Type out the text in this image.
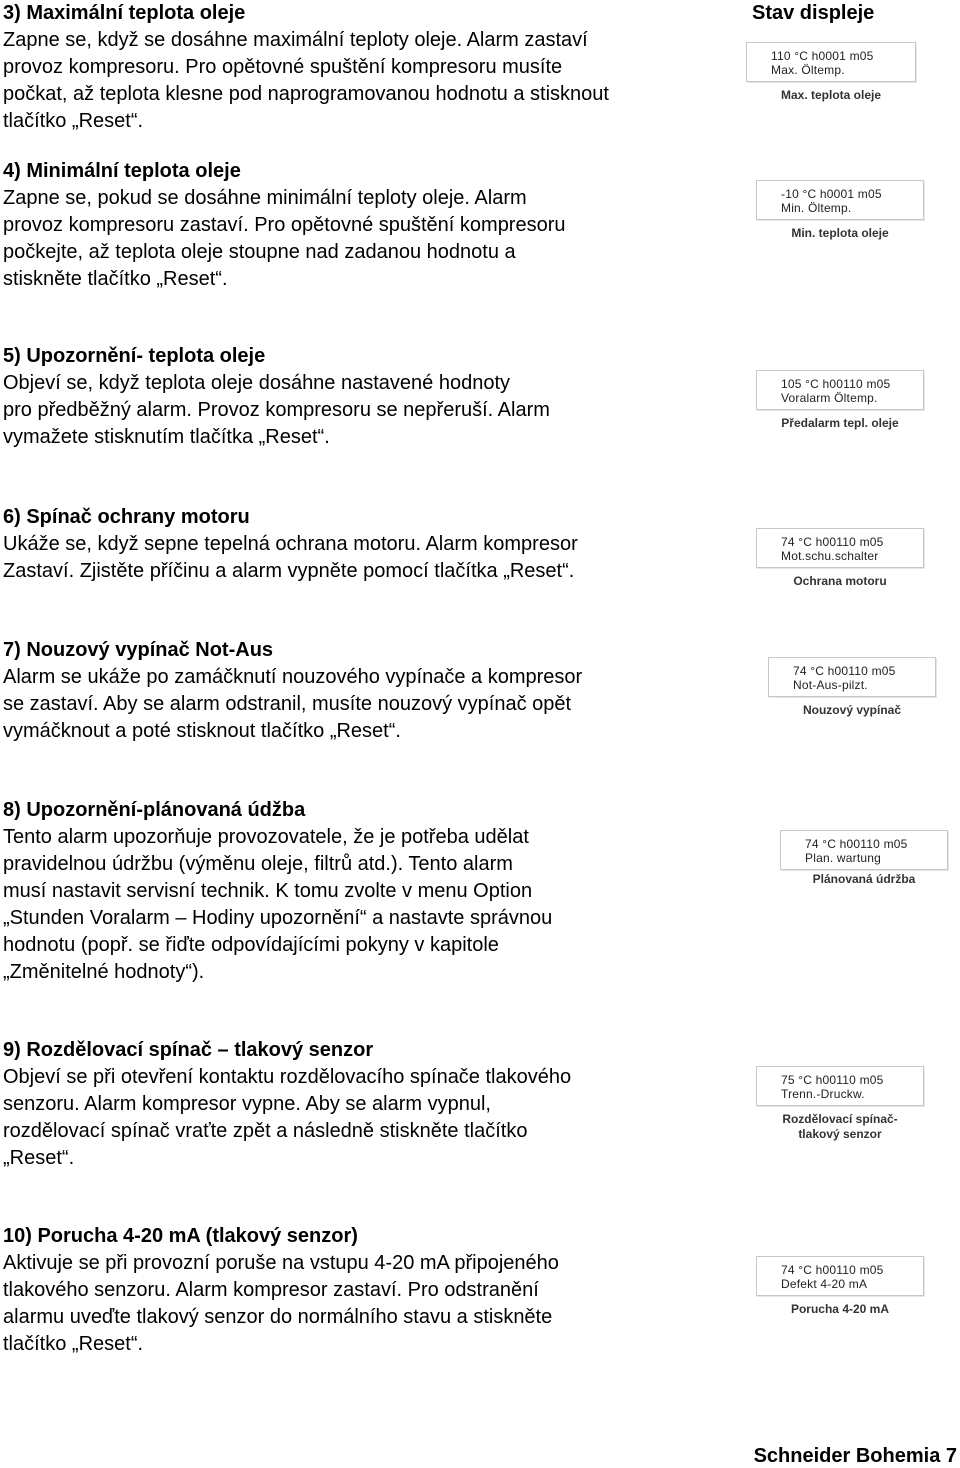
Stav displeje

3) Maximální teplota oleje

Zapne se, když se dosáhne maximální teploty oleje. Alarm zastaví

provoz kompresoru. Pro opětovné spuštění kompresoru musíte

počkat, až teplota klesne pod naprogramovanou hodnotu a stisknout

tlačítko „Reset“.

110 °C h0001 m05
Max. Öltemp.
Max. teplota oleje

4) Minimální teplota oleje

Zapne se, pokud se dosáhne minimální teploty oleje. Alarm

provoz kompresoru zastaví. Pro opětovné spuštění kompresoru

počkejte, až teplota oleje stoupne nad zadanou hodnotu a

stiskněte tlačítko „Reset“.

-10 °C h0001 m05
Min. Öltemp.
Min. teplota oleje

5) Upozornění- teplota oleje

Objeví se, když teplota oleje dosáhne nastavené hodnoty

pro předběžný alarm. Provoz kompresoru se nepřeruší. Alarm

vymažete stisknutím tlačítka „Reset“.

105 °C h00110 m05
Voralarm Öltemp.
Předalarm tepl. oleje

6) Spínač ochrany motoru

Ukáže se, když sepne tepelná ochrana motoru. Alarm kompresor

Zastaví. Zjistěte příčinu a alarm vypněte pomocí tlačítka „Reset“.

74 °C h00110 m05
Mot.schu.schalter
Ochrana motoru

7) Nouzový vypínač Not-Aus

Alarm se ukáže po zamáčknutí nouzového vypínače a kompresor

se zastaví. Aby se alarm odstranil, musíte nouzový vypínač opět

vymáčknout a poté stisknout tlačítko „Reset“.

74 °C h00110 m05
Not-Aus-pilzt.
Nouzový vypínač

8) Upozornění-plánovaná údžba

Tento alarm upozorňuje provozovatele, že je potřeba udělat

pravidelnou údržbu (výměnu oleje, filtrů atd.). Tento alarm

musí nastavit servisní technik. K tomu zvolte v menu Option

„Stunden Voralarm – Hodiny upozornění“ a nastavte správnou

hodnotu (popř. se řiďte odpovídajícími pokyny v kapitole

„Změnitelné hodnoty“).

74 °C h00110 m05
Plan. wartung
Plánovaná údržba

9) Rozdělovací spínač – tlakový senzor

Objeví se při otevření kontaktu rozdělovacího spínače tlakového

senzoru. Alarm kompresor vypne. Aby se alarm vypnul,

rozdělovací spínač vraťte zpět a následně stiskněte tlačítko

„Reset“.

75 °C h00110 m05
Trenn.-Druckw.
Rozdělovací spínač-
tlakový senzor

10) Porucha 4-20 mA (tlakový senzor)

Aktivuje se při provozní poruše na vstupu 4-20 mA připojeného

tlakového senzoru. Alarm kompresor zastaví. Pro odstranění

alarmu uveďte tlakový senzor do normálního stavu a stiskněte

tlačítko „Reset“.

74 °C h00110 m05
Defekt 4-20 mA
Porucha 4-20 mA
Schneider Bohemia 7
